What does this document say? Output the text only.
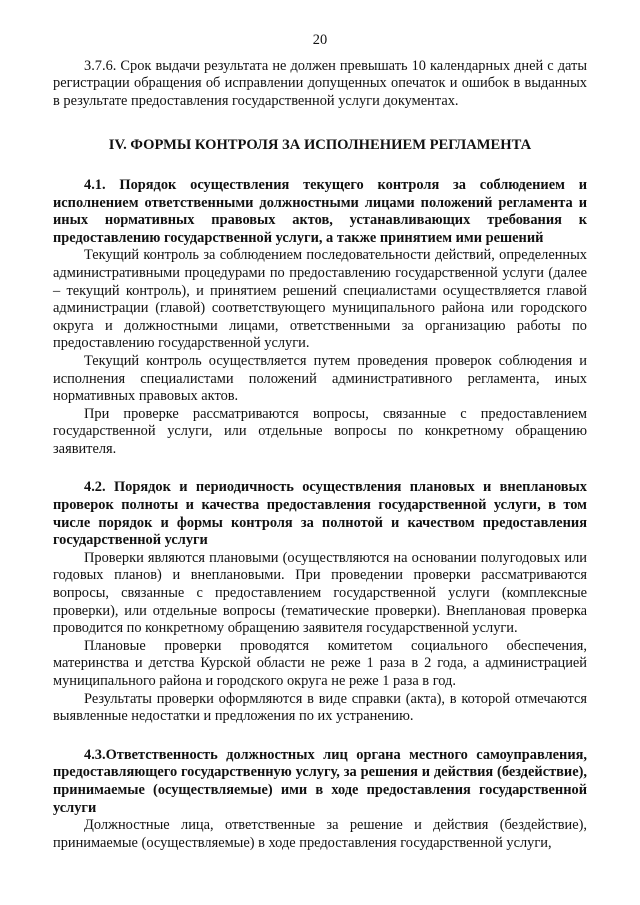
20

3.7.6. Срок выдачи результата не должен превышать 10 календарных дней с даты регистрации обращения об исправлении допущенных опечаток и ошибок в выданных в результате предоставления государственной услуги документах.

IV. ФОРМЫ КОНТРОЛЯ ЗА ИСПОЛНЕНИЕМ РЕГЛАМЕНТА

4.1. Порядок осуществления текущего контроля за соблюдением и исполнением ответственными должностными лицами положений регламента и иных нормативных правовых актов, устанавливающих требования к предоставлению государственной услуги, а также принятием ими решений

Текущий контроль за соблюдением последовательности действий, определенных административными процедурами по предоставлению государственной услуги (далее – текущий контроль), и принятием решений специалистами осуществляется главой администрации (главой) соответствующего муниципального района или городского округа и должностными лицами, ответственными за организацию работы по предоставлению государственной услуги.

Текущий контроль осуществляется путем проведения проверок соблюдения и исполнения специалистами положений административного регламента, иных нормативных правовых актов.

При проверке рассматриваются вопросы, связанные с предоставлением государственной услуги, или отдельные вопросы по конкретному обращению заявителя.

4.2. Порядок и периодичность осуществления плановых и внеплановых проверок полноты и качества предоставления государственной услуги, в том числе порядок и формы контроля за полнотой и качеством предоставления государственной услуги

Проверки являются плановыми (осуществляются на основании полугодовых или годовых планов) и внеплановыми. При проведении проверки рассматриваются вопросы, связанные с предоставлением государственной услуги (комплексные проверки), или отдельные вопросы (тематические проверки). Внеплановая проверка проводится по конкретному обращению заявителя государственной услуги.

Плановые проверки проводятся комитетом социального обеспечения, материнства и детства Курской области не реже 1 раза в 2 года, а администрацией муниципального района и городского округа не реже 1 раза в год.

Результаты проверки оформляются в виде справки (акта), в которой отмечаются выявленные недостатки и предложения по их устранению.

4.3.Ответственность должностных лиц органа местного самоуправления, предоставляющего государственную услугу, за решения и действия (бездействие), принимаемые (осуществляемые) ими в ходе предоставления государственной услуги

Должностные лица, ответственные за решение и действия (бездействие), принимаемые (осуществляемые) в ходе предоставления государственной услуги,
